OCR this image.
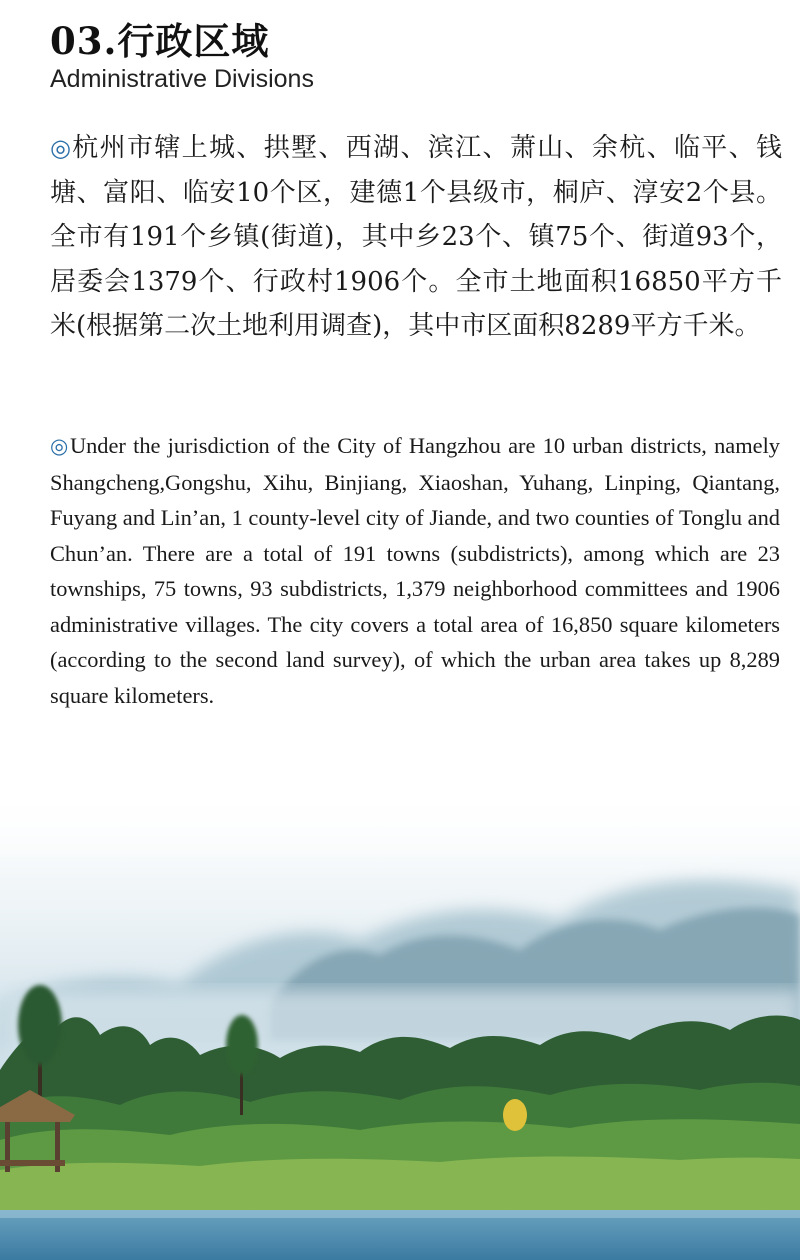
03.行政区域
Administrative Divisions
◎杭州市辖上城、拱墅、西湖、滨江、萧山、余杭、临平、钱塘、富阳、临安10个区，建德1个县级市，桐庐、淳安2个县。全市有191个乡镇(街道)，其中乡23个、镇75个、街道93个，居委会1379个、行政村1906个。全市土地面积16850平方千米(根据第二次土地利用调查)，其中市区面积8289平方千米。
◎Under the jurisdiction of the City of Hangzhou are 10 urban districts, namely Shangcheng,Gongshu, Xihu, Binjiang, Xiaoshan, Yuhang, Linping, Qiantang, Fuyang and Lin’an, 1 county-level city of Jiande, and two counties of Tonglu and Chun’an. There are a total of 191 towns (subdistricts), among which are 23 townships, 75 towns, 93 subdistricts, 1,379 neighborhood committees and 1906 administrative villages. The city covers a total area of 16,850 square kilometers (according to the second land survey), of which the urban area takes up 8,289 square kilometers.
